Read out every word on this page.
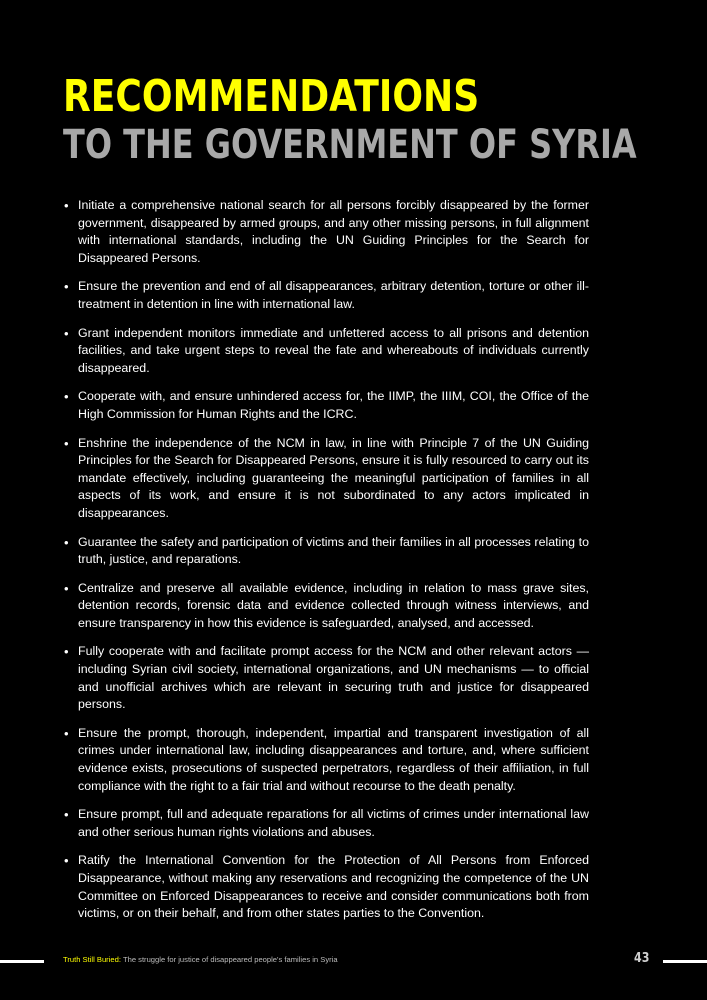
RECOMMENDATIONS
TO THE GOVERNMENT OF SYRIA
• Initiate a comprehensive national search for all persons forcibly disappeared by the former government, disappeared by armed groups, and any other missing persons, in full alignment with international standards, including the UN Guiding Principles for the Search for Disappeared Persons.
• Ensure the prevention and end of all disappearances, arbitrary detention, torture or other ill-treatment in detention in line with international law.
• Grant independent monitors immediate and unfettered access to all prisons and detention facilities, and take urgent steps to reveal the fate and whereabouts of individuals currently disappeared.
• Cooperate with, and ensure unhindered access for, the IIMP, the IIIM, COI, the Office of the High Commission for Human Rights and the ICRC.
• Enshrine the independence of the NCM in law, in line with Principle 7 of the UN Guiding Principles for the Search for Disappeared Persons, ensure it is fully resourced to carry out its mandate effectively, including guaranteeing the meaningful participation of families in all aspects of its work, and ensure it is not subordinated to any actors implicated in disappearances.
• Guarantee the safety and participation of victims and their families in all processes relating to truth, justice, and reparations.
• Centralize and preserve all available evidence, including in relation to mass grave sites, detention records, forensic data and evidence collected through witness interviews, and ensure transparency in how this evidence is safeguarded, analysed, and accessed.
• Fully cooperate with and facilitate prompt access for the NCM and other relevant actors — including Syrian civil society, international organizations, and UN mechanisms — to official and unofficial archives which are relevant in securing truth and justice for disappeared persons.
• Ensure the prompt, thorough, independent, impartial and transparent investigation of all crimes under international law, including disappearances and torture, and, where sufficient evidence exists, prosecutions of suspected perpetrators, regardless of their affiliation, in full compliance with the right to a fair trial and without recourse to the death penalty.
• Ensure prompt, full and adequate reparations for all victims of crimes under international law and other serious human rights violations and abuses.
• Ratify the International Convention for the Protection of All Persons from Enforced Disappearance, without making any reservations and recognizing the competence of the UN Committee on Enforced Disappearances to receive and consider communications both from victims, or on their behalf, and from other states parties to the Convention.
Truth Still Buried: The struggle for justice of disappeared people's families in Syria	43
